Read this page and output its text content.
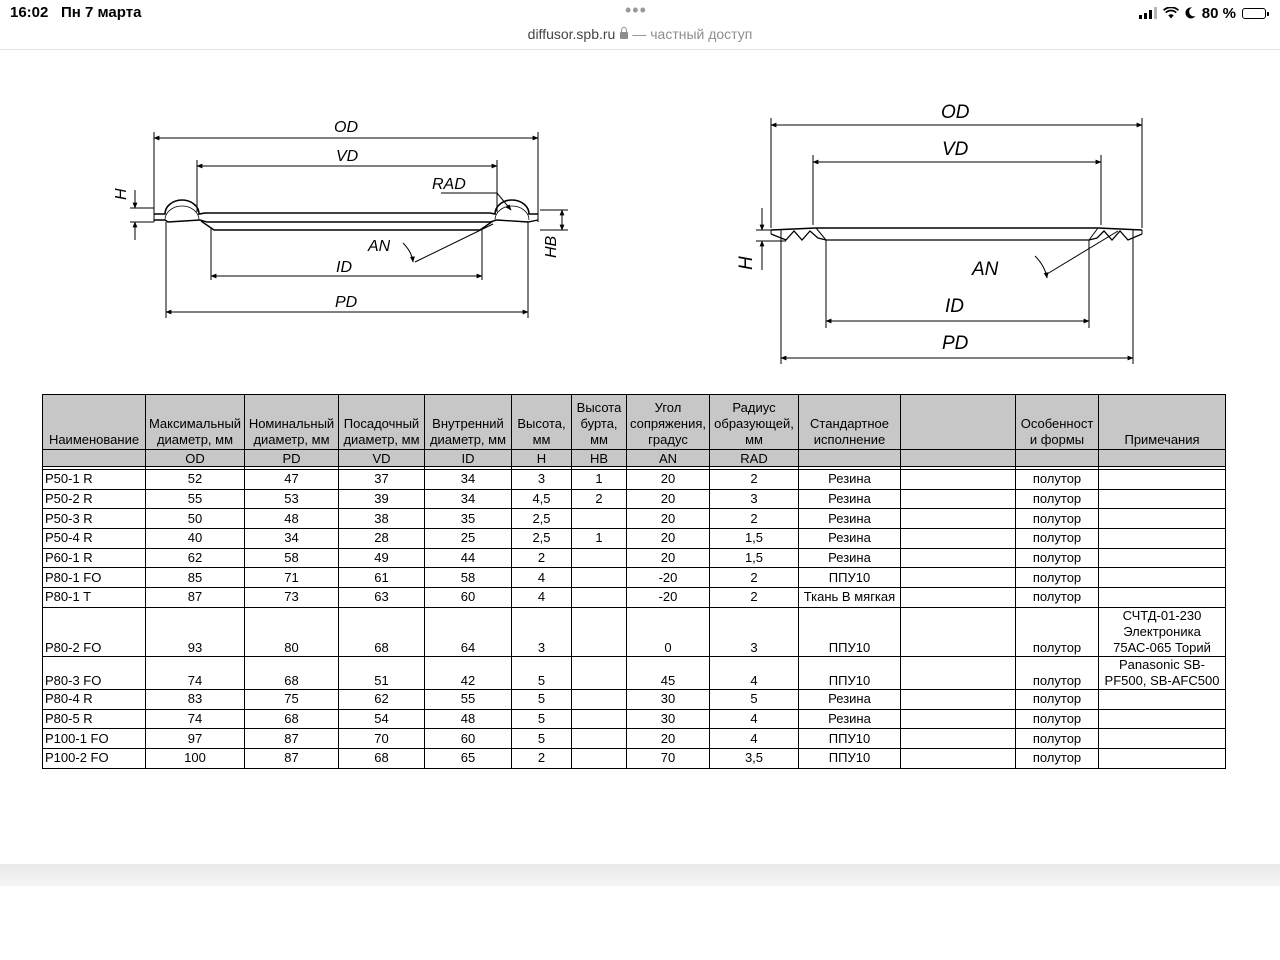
16:02 Пн 7 марта	•••
diffusor.spb.ru — частный доступ
80 %
OD
VD
RAD
H
AN
ID
HB
PD
OD
VD
H	AN
ID
PD
Наименование	Максимальный диаметр, мм	Номинальный диаметр, мм	Посадочный диаметр, мм	Внутренний диаметр, мм	Высота, мм	Высота бурта, мм	Угол сопряжения, градус	Радиус образующей, мм	Стандартное исполнение		Особенност и формы	Примечания
	OD	PD	VD	ID	H	HB	AN	RAD				

P50-1 R	52	47	37	34	3	1	20	2	Резина		полутор	
P50-2 R	55	53	39	34	4,5	2	20	3	Резина		полутор	
P50-3 R	50	48	38	35	2,5		20	2	Резина		полутор	
P50-4 R	40	34	28	25	2,5	1	20	1,5	Резина		полутор	
P60-1 R	62	58	49	44	2		20	1,5	Резина		полутор	
P80-1 FO	85	71	61	58	4		-20	2	ППУ10		полутор	
P80-1 T	87	73	63	60	4		-20	2	Ткань В мягкая		полутор	
P80-2 FO	93	80	68	64	3		0	3	ППУ10		полутор	СЧТД-01-230 Электроника 75АС-065 Торий
P80-3 FO	74	68	51	42	5		45	4	ППУ10		полутор	Panasonic SB-PF500, SB-AFC500
P80-4 R	83	75	62	55	5		30	5	Резина		полутор	
P80-5 R	74	68	54	48	5		30	4	Резина		полутор	
P100-1 FO	97	87	70	60	5		20	4	ППУ10		полутор	
P100-2 FO	100	87	68	65	2		70	3,5	ППУ10		полутор	
